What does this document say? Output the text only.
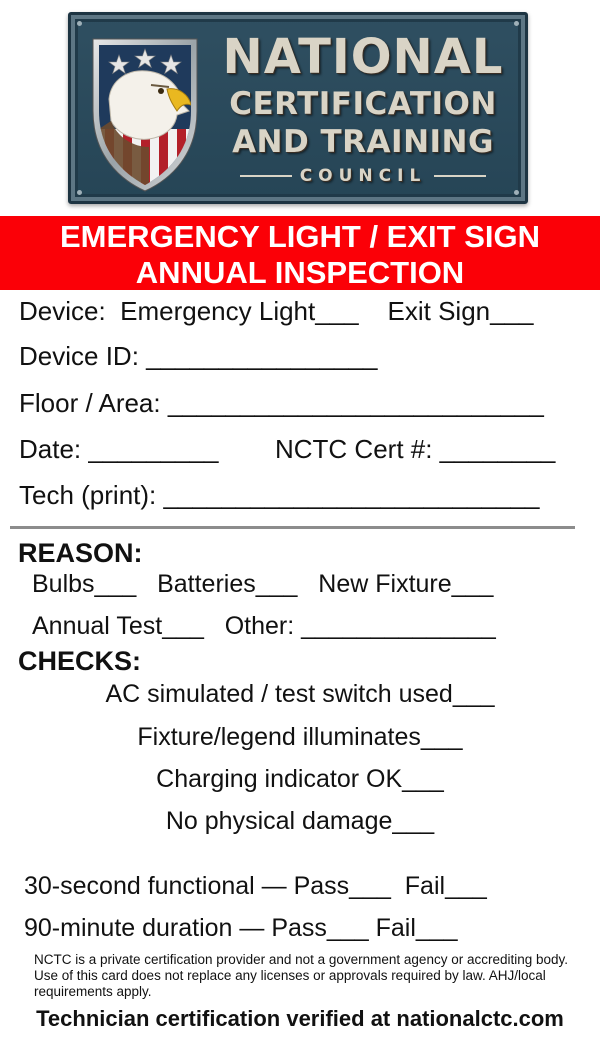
NATIONAL
CERTIFICATION
AND TRAINING
COUNCIL
EMERGENCY LIGHT / EXIT SIGN
ANNUAL INSPECTION
Device:  Emergency Light___    Exit Sign___
Device ID: ________________
Floor / Area: __________________________
Date: _________ NCTC Cert #: ________
Tech (print): __________________________
REASON:
Bulbs___   Batteries___   New Fixture___
Annual Test___   Other: ______________
CHECKS:
AC simulated / test switch used___
Fixture/legend illuminates___
Charging indicator OK___
No physical damage___
30-second functional — Pass___  Fail___
90-minute duration — Pass___ Fail___
NCTC is a private certification provider and not a government agency or accrediting body. Use of this card does not replace any licenses or approvals required by law. AHJ/local requirements apply.
Technician certification verified at nationalctc.com
